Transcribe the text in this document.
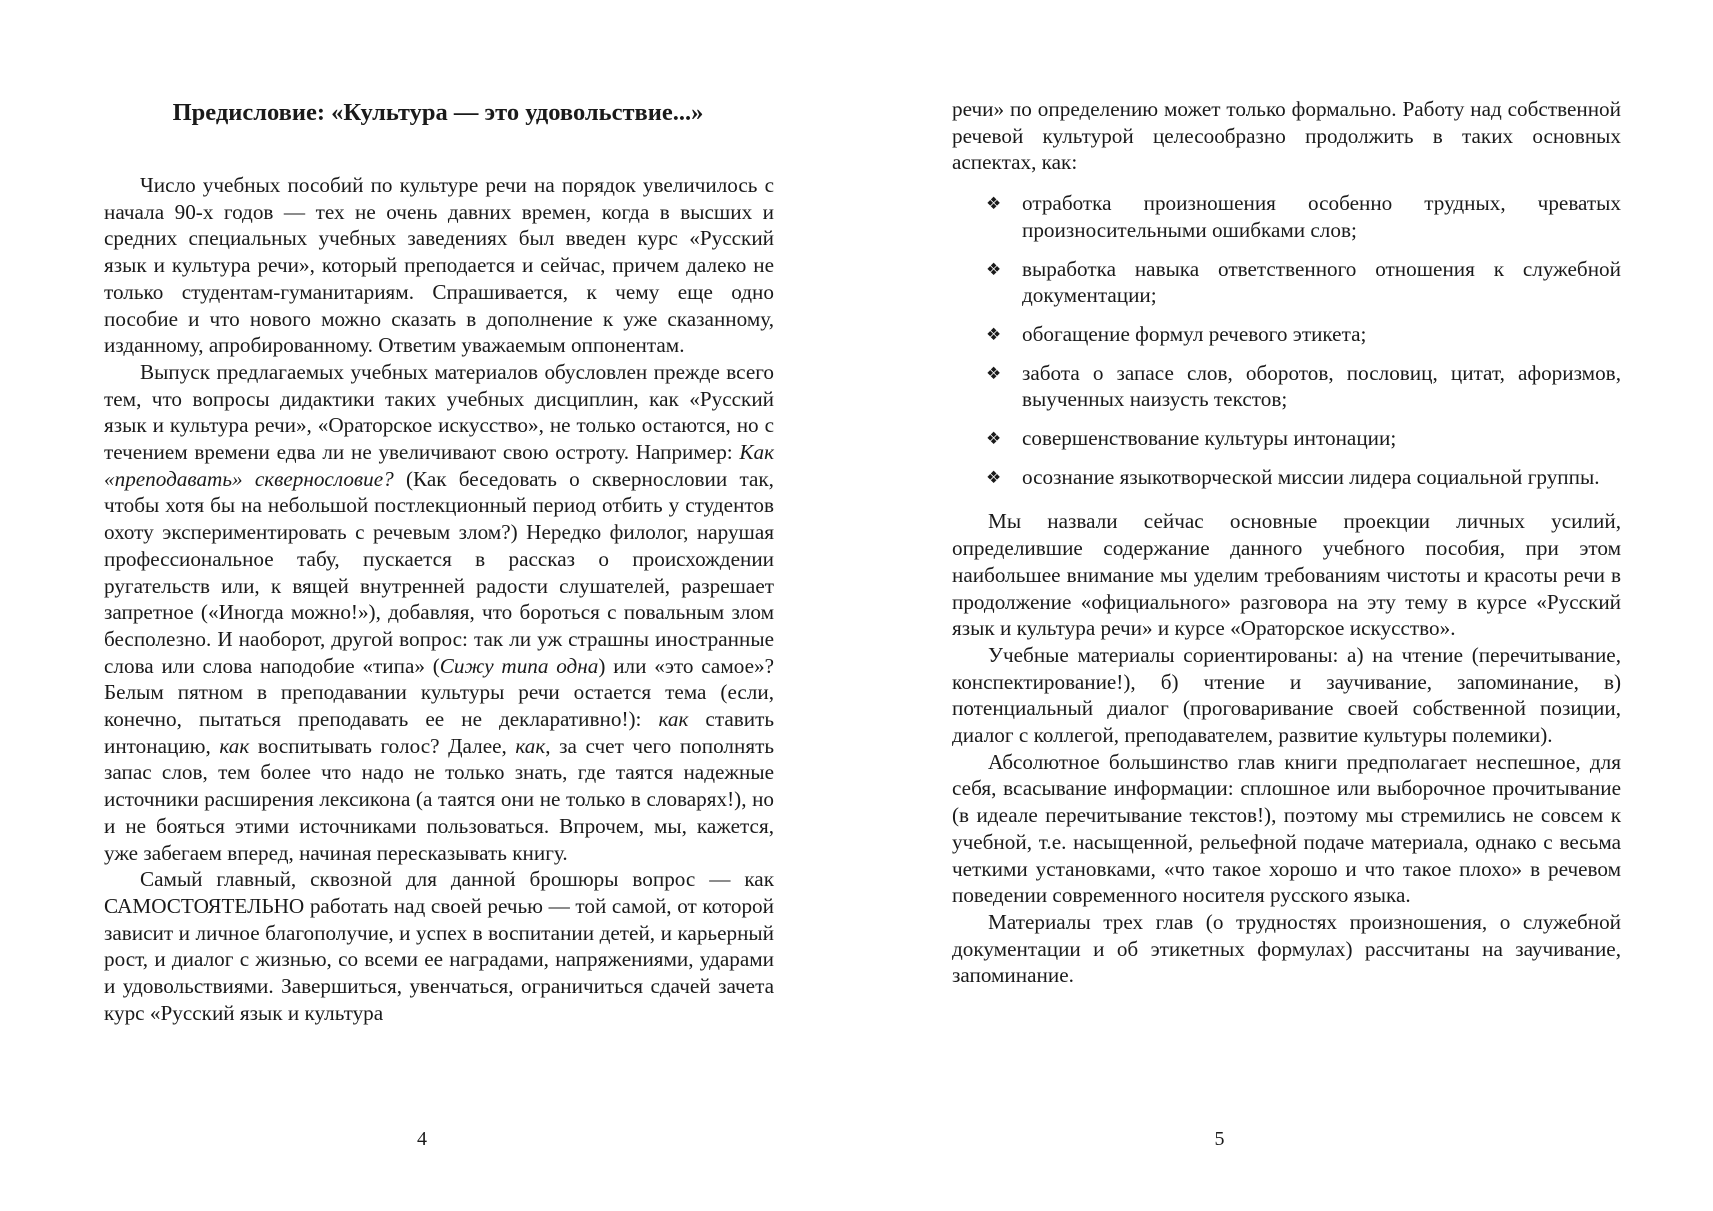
Предисловие: «Культура — это удовольствие...»

Число учебных пособий по культуре речи на порядок увеличилось с начала 90-х годов — тех не очень давних времен, когда в высших и средних специальных учебных заведениях был введен курс «Русский язык и культура речи», который преподается и сейчас, причем далеко не только студентам-гуманитариям. Спрашивается, к чему еще одно пособие и что нового можно сказать в дополнение к уже сказанному, изданному, апробированному. Ответим уважаемым оппонентам.

Выпуск предлагаемых учебных материалов обусловлен прежде всего тем, что вопросы дидактики таких учебных дисциплин, как «Русский язык и культура речи», «Ораторское искусство», не только остаются, но с течением времени едва ли не увеличивают свою остроту. Например: Как «преподавать» сквернословие? (Как беседовать о сквернословии так, чтобы хотя бы на небольшой постлекционный период отбить у студентов охоту экспериментировать с речевым злом?) Нередко филолог, нарушая профессиональное табу, пускается в рассказ о происхождении ругательств или, к вящей внутренней радости слушателей, разрешает запретное («Иногда можно!»), добавляя, что бороться с повальным злом бесполезно. И наоборот, другой вопрос: так ли уж страшны иностранные слова или слова наподобие «типа» (Сижу типа одна) или «это самое»? Белым пятном в преподавании культуры речи остается тема (если, конечно, пытаться преподавать ее не декларативно!): как ставить интонацию, как воспитывать голос? Далее, как, за счет чего пополнять запас слов, тем более что надо не только знать, где таятся надежные источники расширения лексикона (а таятся они не только в словарях!), но и не бояться этими источниками пользоваться. Впрочем, мы, кажется, уже забегаем вперед, начиная пересказывать книгу.

Самый главный, сквозной для данной брошюры вопрос — как САМОСТОЯТЕЛЬНО работать над своей речью — той самой, от которой зависит и личное благополучие, и успех в воспитании детей, и карьерный рост, и диалог с жизнью, со всеми ее наградами, напряжениями, ударами и удовольствиями. Завершиться, увенчаться, ограничиться сдачей зачета курс «Русский язык и культура

4

речи» по определению может только формально. Работу над собственной речевой культурой целесообразно продолжить в таких основных аспектах, как:

❖ отработка произношения особенно трудных, чреватых произносительными ошибками слов;
❖ выработка навыка ответственного отношения к служебной документации;
❖ обогащение формул речевого этикета;
❖ забота о запасе слов, оборотов, пословиц, цитат, афоризмов, выученных наизусть текстов;
❖ совершенствование культуры интонации;
❖ осознание языкотворческой миссии лидера социальной группы.

Мы назвали сейчас основные проекции личных усилий, определившие содержание данного учебного пособия, при этом наибольшее внимание мы уделим требованиям чистоты и красоты речи в продолжение «официального» разговора на эту тему в курсе «Русский язык и культура речи» и курсе «Ораторское искусство».

Учебные материалы сориентированы: а) на чтение (перечитывание, конспектирование!), б) чтение и заучивание, запоминание, в) потенциальный диалог (проговаривание своей собственной позиции, диалог с коллегой, преподавателем, развитие культуры полемики).

Абсолютное большинство глав книги предполагает неспешное, для себя, всасывание информации: сплошное или выборочное прочитывание (в идеале перечитывание текстов!), поэтому мы стремились не совсем к учебной, т.е. насыщенной, рельефной подаче материала, однако с весьма четкими установками, «что такое хорошо и что такое плохо» в речевом поведении современного носителя русского языка.

Материалы трех глав (о трудностях произношения, о служебной документации и об этикетных формулах) рассчитаны на заучивание, запоминание.

5
